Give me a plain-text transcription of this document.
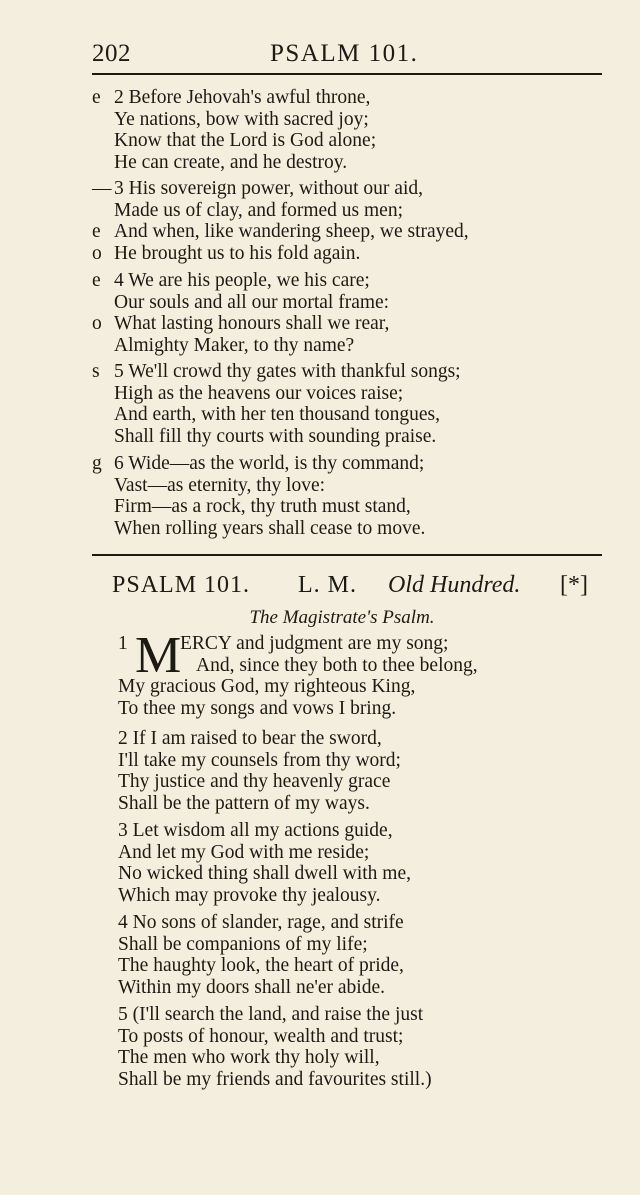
202	PSALM 101.
e 2 Before Jehovah's awful throne,
Ye nations, bow with sacred joy;
Know that the Lord is God alone;
He can create, and he destroy.
— 3 His sovereign power, without our aid,
Made us of clay, and formed us men;
e And when, like wandering sheep, we strayed,
o He brought us to his fold again.
e 4 We are his people, we his care;
Our souls and all our mortal frame:
o What lasting honours shall we rear,
Almighty Maker, to thy name?
s 5 We'll crowd thy gates with thankful songs;
High as the heavens our voices raise;
And earth, with her ten thousand tongues,
Shall fill thy courts with sounding praise.
g 6 Wide—as the world, is thy command;
Vast—as eternity, thy love:
Firm—as a rock, thy truth must stand,
When rolling years shall cease to move.
PSALM 101. L. M. Old Hundred. [*]
The Magistrate's Psalm.
1 M
ERCY and judgment are my song;
And, since they both to thee belong,
My gracious God, my righteous King,
To thee my songs and vows I bring.
2 If I am raised to bear the sword,
I'll take my counsels from thy word;
Thy justice and thy heavenly grace
Shall be the pattern of my ways.
3 Let wisdom all my actions guide,
And let my God with me reside;
No wicked thing shall dwell with me,
Which may provoke thy jealousy.
4 No sons of slander, rage, and strife
Shall be companions of my life;
The haughty look, the heart of pride,
Within my doors shall ne'er abide.
5 (I'll search the land, and raise the just
To posts of honour, wealth and trust;
The men who work thy holy will,
Shall be my friends and favourites still.)
